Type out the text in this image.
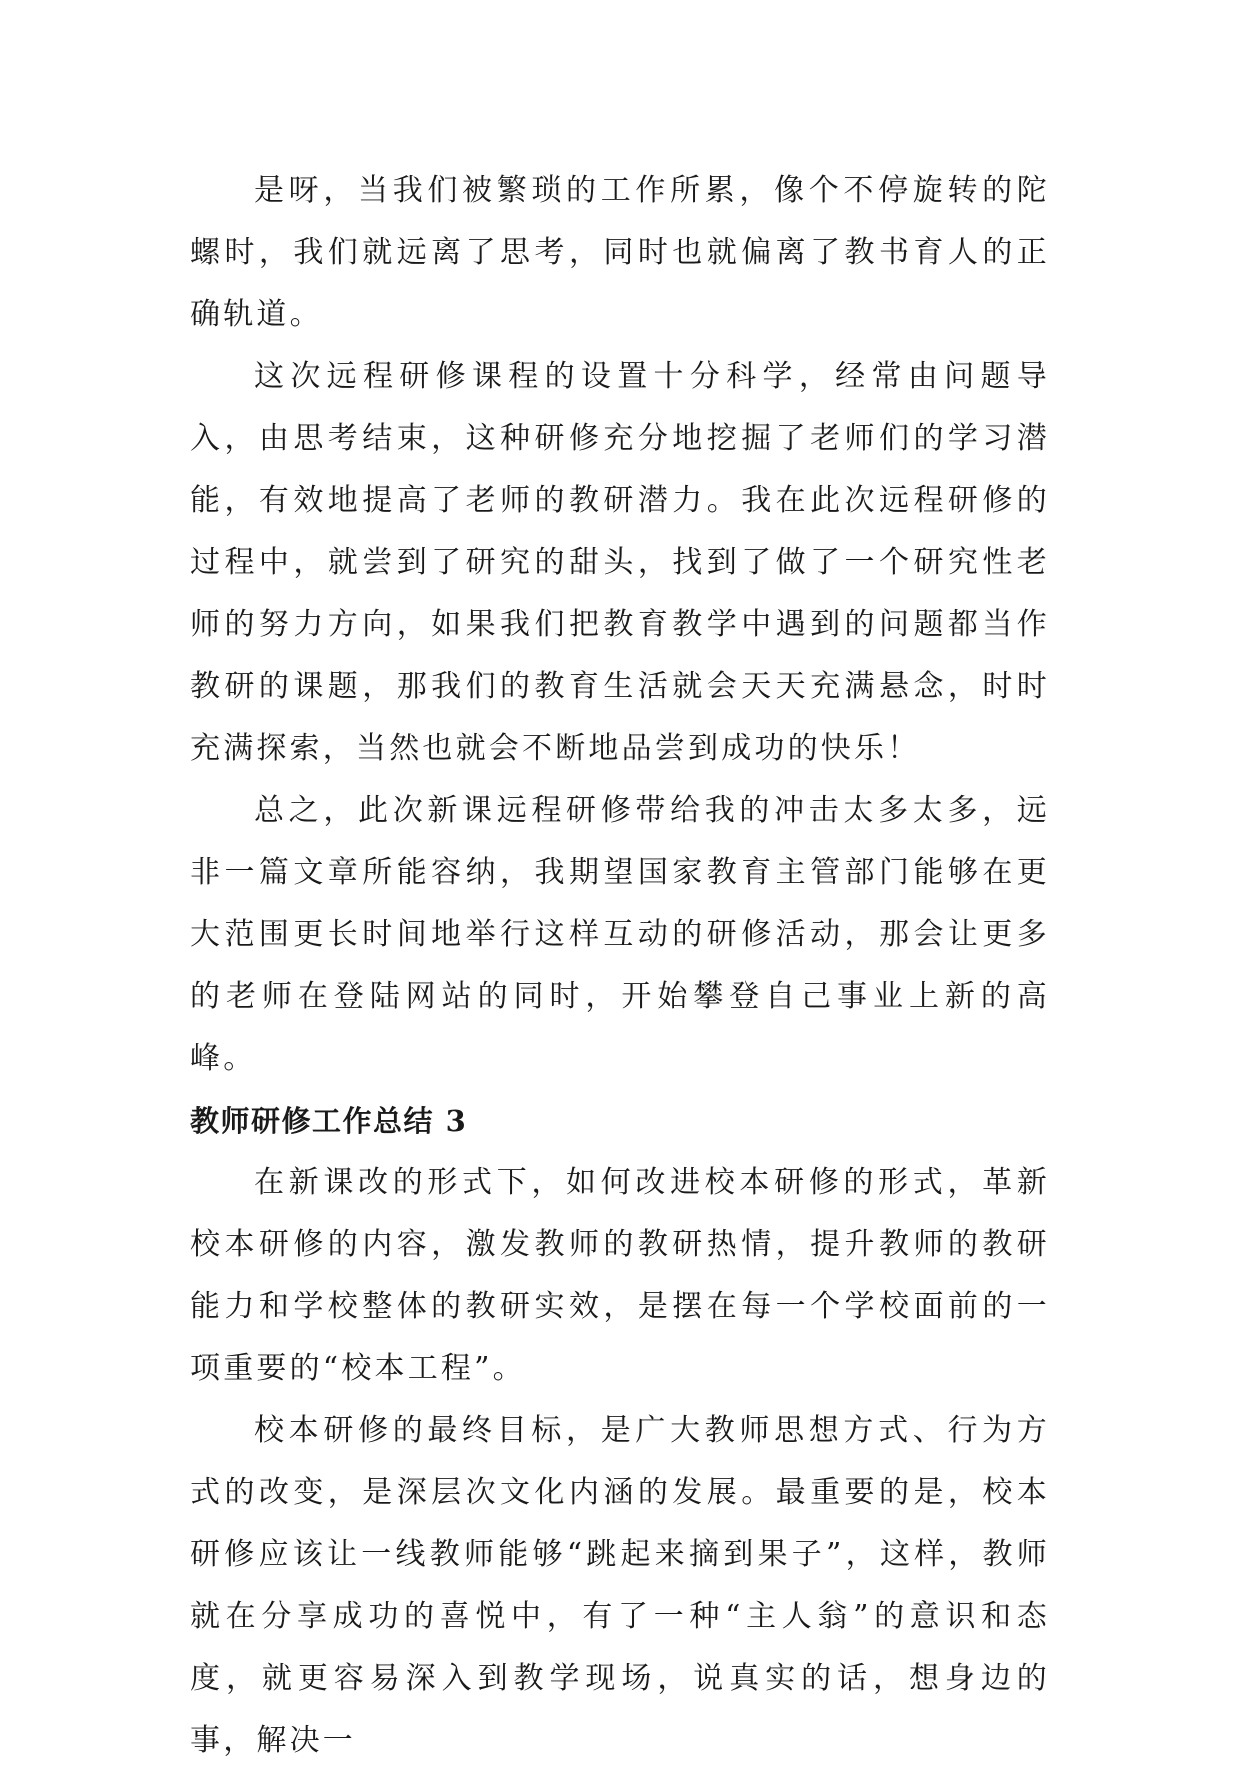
是呀，当我们被繁琐的工作所累，像个不停旋转的陀螺时，我们就远离了思考，同时也就偏离了教书育人的正确轨道。

这次远程研修课程的设置十分科学，经常由问题导入，由思考结束，这种研修充分地挖掘了老师们的学习潜能，有效地提高了老师的教研潜力。我在此次远程研修的过程中，就尝到了研究的甜头，找到了做了一个研究性老师的努力方向，如果我们把教育教学中遇到的问题都当作教研的课题，那我们的教育生活就会天天充满悬念，时时充满探索，当然也就会不断地品尝到成功的快乐！

总之，此次新课远程研修带给我的冲击太多太多，远非一篇文章所能容纳，我期望国家教育主管部门能够在更大范围更长时间地举行这样互动的研修活动，那会让更多的老师在登陆网站的同时，开始攀登自己事业上新的高峰。

教师研修工作总结 3

在新课改的形式下，如何改进校本研修的形式，革新校本研修的内容，激发教师的教研热情，提升教师的教研能力和学校整体的教研实效，是摆在每一个学校面前的一项重要的“校本工程”。

校本研修的最终目标，是广大教师思想方式、行为方式的改变，是深层次文化内涵的发展。最重要的是，校本研修应该让一线教师能够“跳起来摘到果子”，这样，教师就在分享成功的喜悦中，有了一种“主人翁”的意识和态度，就更容易深入到教学现场，说真实的话，想身边的事，解决一
